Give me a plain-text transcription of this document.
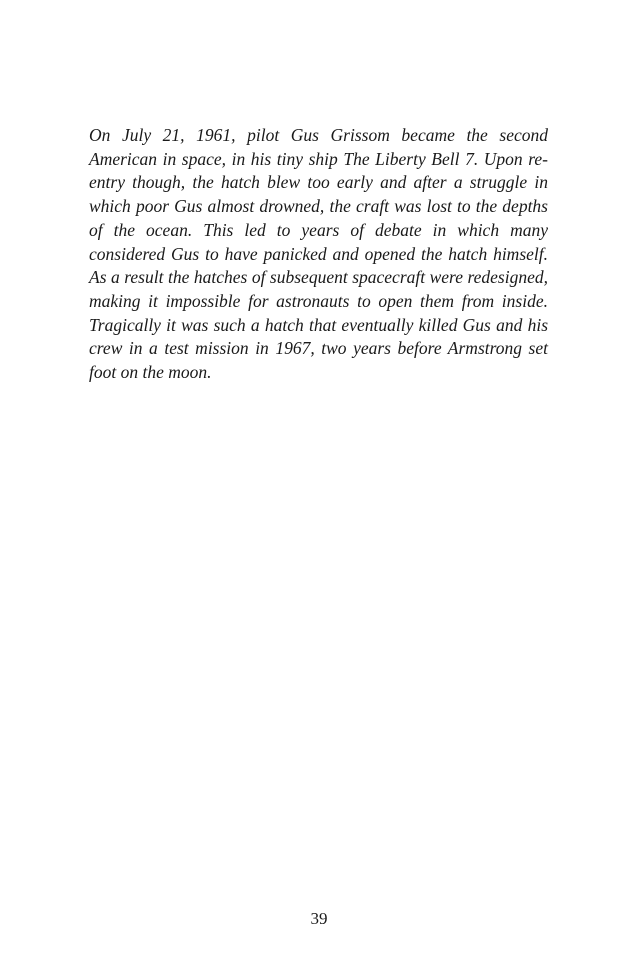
On July 21, 1961, pilot Gus Grissom became the second American in space, in his tiny ship The Liberty Bell 7. Upon reentry though, the hatch blew too early and after a struggle in which poor Gus almost drowned, the craft was lost to the depths of the ocean. This led to years of debate in which many considered Gus to have panicked and opened the hatch himself. As a result the hatches of subsequent spacecraft were redesigned, making it impossible for astronauts to open them from inside. Tragically it was such a hatch that eventually killed Gus and his crew in a test mission in 1967, two years before Armstrong set foot on the moon.

39
